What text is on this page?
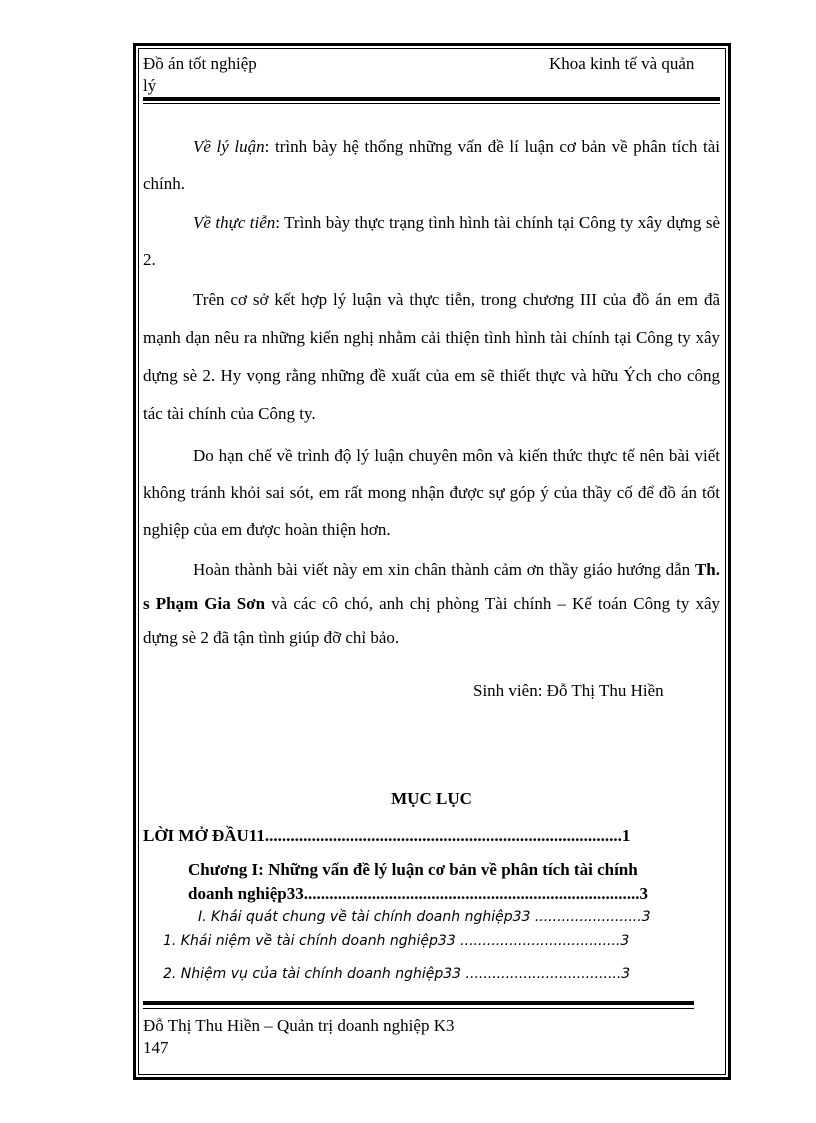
Đồ án tốt nghiệp
lý
Khoa kinh tế và quản

Về lý luận: trình bày hệ thống những vấn đề lí luận cơ bản về phân tích tài chính.

Về thực tiễn: Trình bày thực trạng tình hình tài chính tại Công ty xây dựng sè 2.

Trên cơ sở kết hợp lý luận và thực tiễn, trong chương III của đồ án em đã mạnh dạn nêu ra những kiến nghị nhằm cải thiện tình hình tài chính tại Công ty xây dựng sè 2. Hy vọng rằng những đề xuất của em sẽ thiết thực và hữu Ých cho công tác tài chính của Công ty.

Do hạn chế về trình độ lý luận chuyên môn và kiến thức thực tế nên bài viết không tránh khỏi sai sót, em rất mong nhận được sự góp ý của thầy cố để đồ án tốt nghiệp của em được hoàn thiện hơn.

Hoàn thành bài viết này em xin chân thành cảm ơn thầy giáo hướng dẫn Th. s Phạm Gia Sơn và các cô chó, anh chị phòng Tài chính – Kế toán Công ty xây dựng sè 2 đã tận tình giúp đỡ chỉ bảo.

Sinh viên: Đỗ Thị Thu Hiền
MỤC LỤC
LỜI MỞ ĐẦU11....................................................................................1
Chương I: Những vấn đề lý luận cơ bản về phân tích tài chính
doanh nghiệp33...............................................................................3
I. Khái quát chung về tài chính doanh nghiệp33 ........................3
1. Khái niệm về tài chính doanh nghiệp33 ....................................3
2. Nhiệm vụ của tài chính doanh nghiệp33 ...................................3
Đỗ Thị Thu Hiền – Quản trị doanh nghiệp K3
147
